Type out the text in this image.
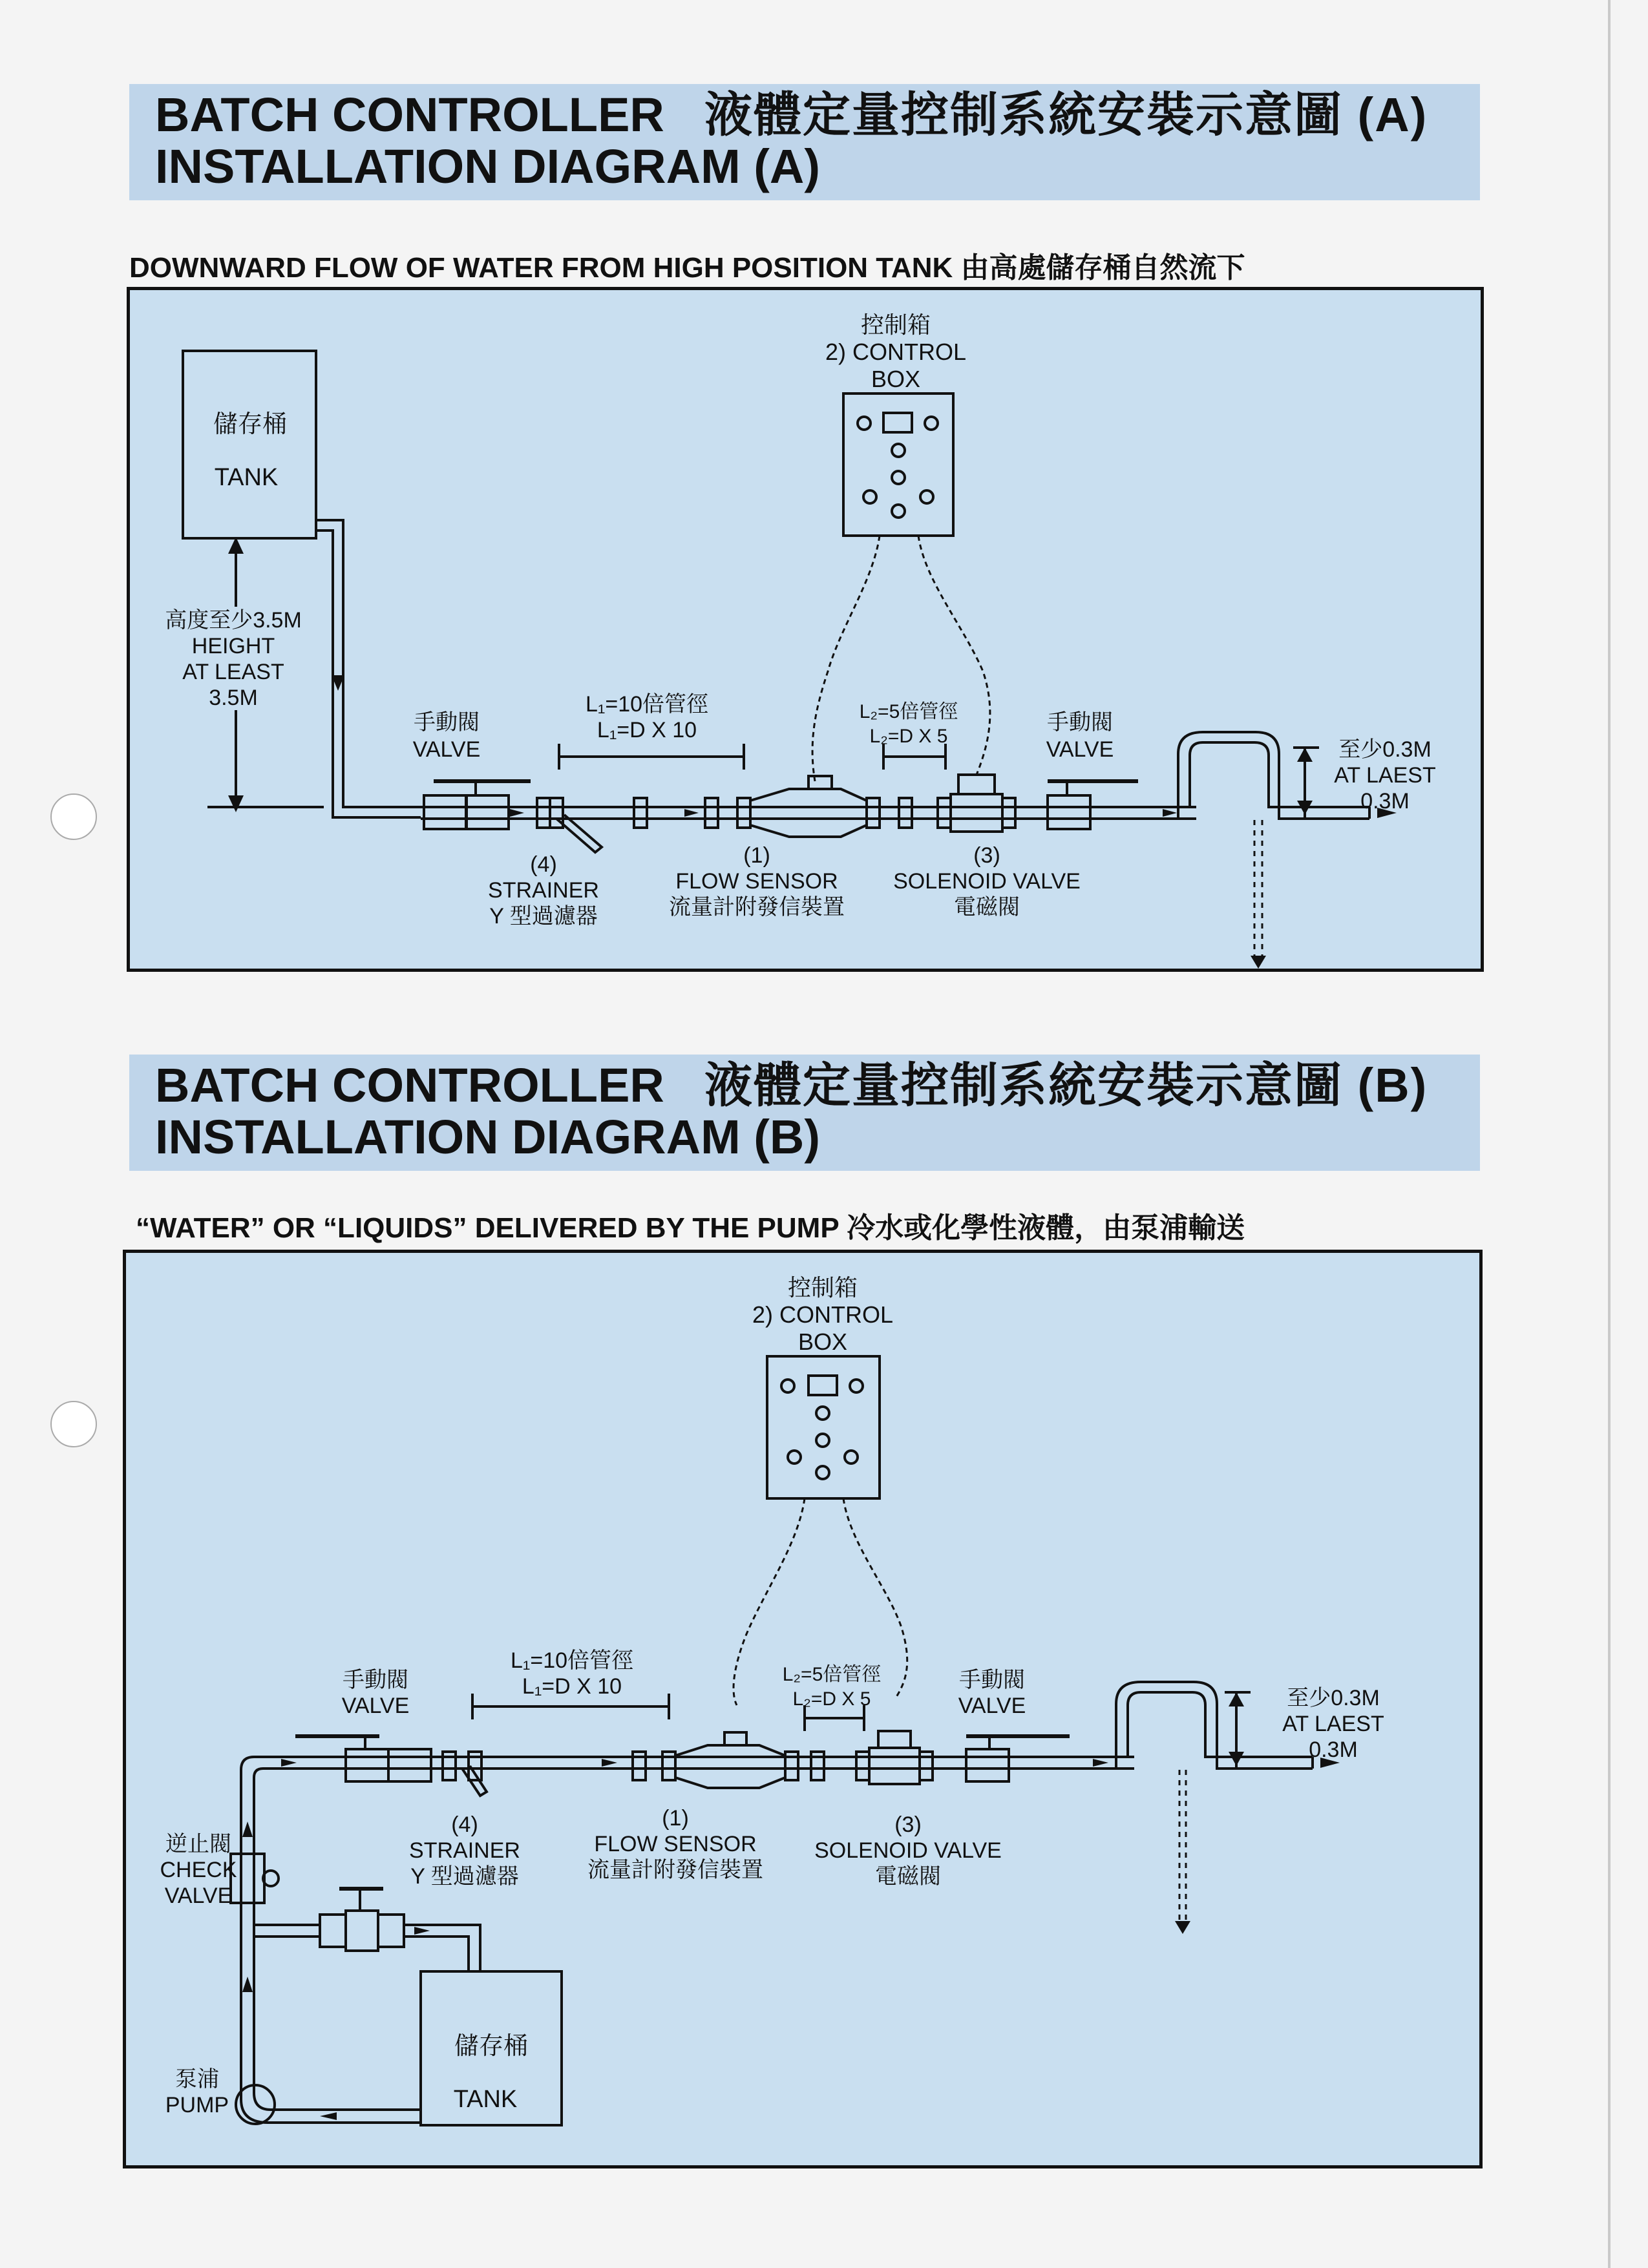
BATCH CONTROLLER
INSTALLATION DIAGRAM (A)
液體定量控制系統安裝示意圖 (A)
DOWNWARD FLOW OF WATER FROM HIGH POSITION TANK 由高處儲存桶自然流下
儲存桶
TANK
高度至少3.5M
HEIGHT
AT LEAST
3.5M
控制箱
2) CONTROL
BOX
手動閥
VALVE
L₁=10倍管徑
L₁=D X 10
L₂=5倍管徑
L₂=D X 5
手動閥
VALVE	至少0.3M
AT LAEST
0.3M
(4)
STRAINER
Y 型過濾器
(1)
FLOW SENSOR
流量計附發信裝置
(3)
SOLENOID VALVE
電磁閥
BATCH CONTROLLER
INSTALLATION DIAGRAM (B)
液體定量控制系統安裝示意圖 (B)
“WATER” OR “LIQUIDS” DELIVERED BY THE PUMP 冷水或化學性液體，由泵浦輸送
控制箱
2) CONTROL
BOX
手動閥
VALVE
L₁=10倍管徑
L₁=D X 10	L₂=5倍管徑
L₂=D X 5
手動閥
VALVE	至少0.3M
AT LAEST
0.3M
(4)
STRAINER
Y 型過濾器
(1)
FLOW SENSOR
流量計附發信裝置
(3)
SOLENOID VALVE
電磁閥
逆止閥
CHECK
VALVE
泵浦
PUMP
儲存桶
TANK
